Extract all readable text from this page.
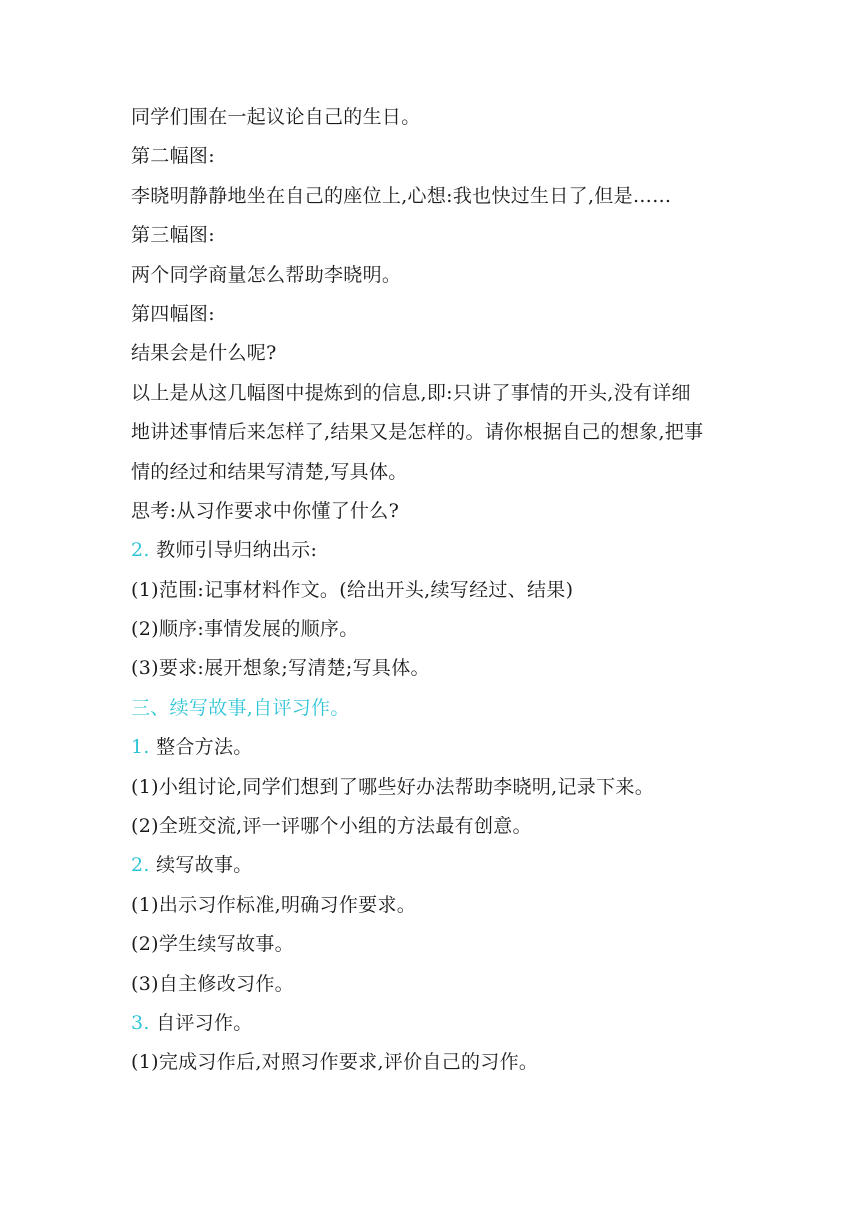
同学们围在一起议论自己的生日。
第二幅图:
李晓明静静地坐在自己的座位上,心想:我也快过生日了,但是……
第三幅图:
两个同学商量怎么帮助李晓明。
第四幅图:
结果会是什么呢?
以上是从这几幅图中提炼到的信息,即:只讲了事情的开头,没有详细
地讲述事情后来怎样了,结果又是怎样的。请你根据自己的想象,把事
情的经过和结果写清楚,写具体。
思考:从习作要求中你懂了什么?
2. 教师引导归纳出示:
(1)范围:记事材料作文。(给出开头,续写经过、结果)
(2)顺序:事情发展的顺序。
(3)要求:展开想象;写清楚;写具体。
三、续写故事,自评习作。
1. 整合方法。
(1)小组讨论,同学们想到了哪些好办法帮助李晓明,记录下来。
(2)全班交流,评一评哪个小组的方法最有创意。
2. 续写故事。
(1)出示习作标准,明确习作要求。
(2)学生续写故事。
(3)自主修改习作。
3. 自评习作。
(1)完成习作后,对照习作要求,评价自己的习作。
